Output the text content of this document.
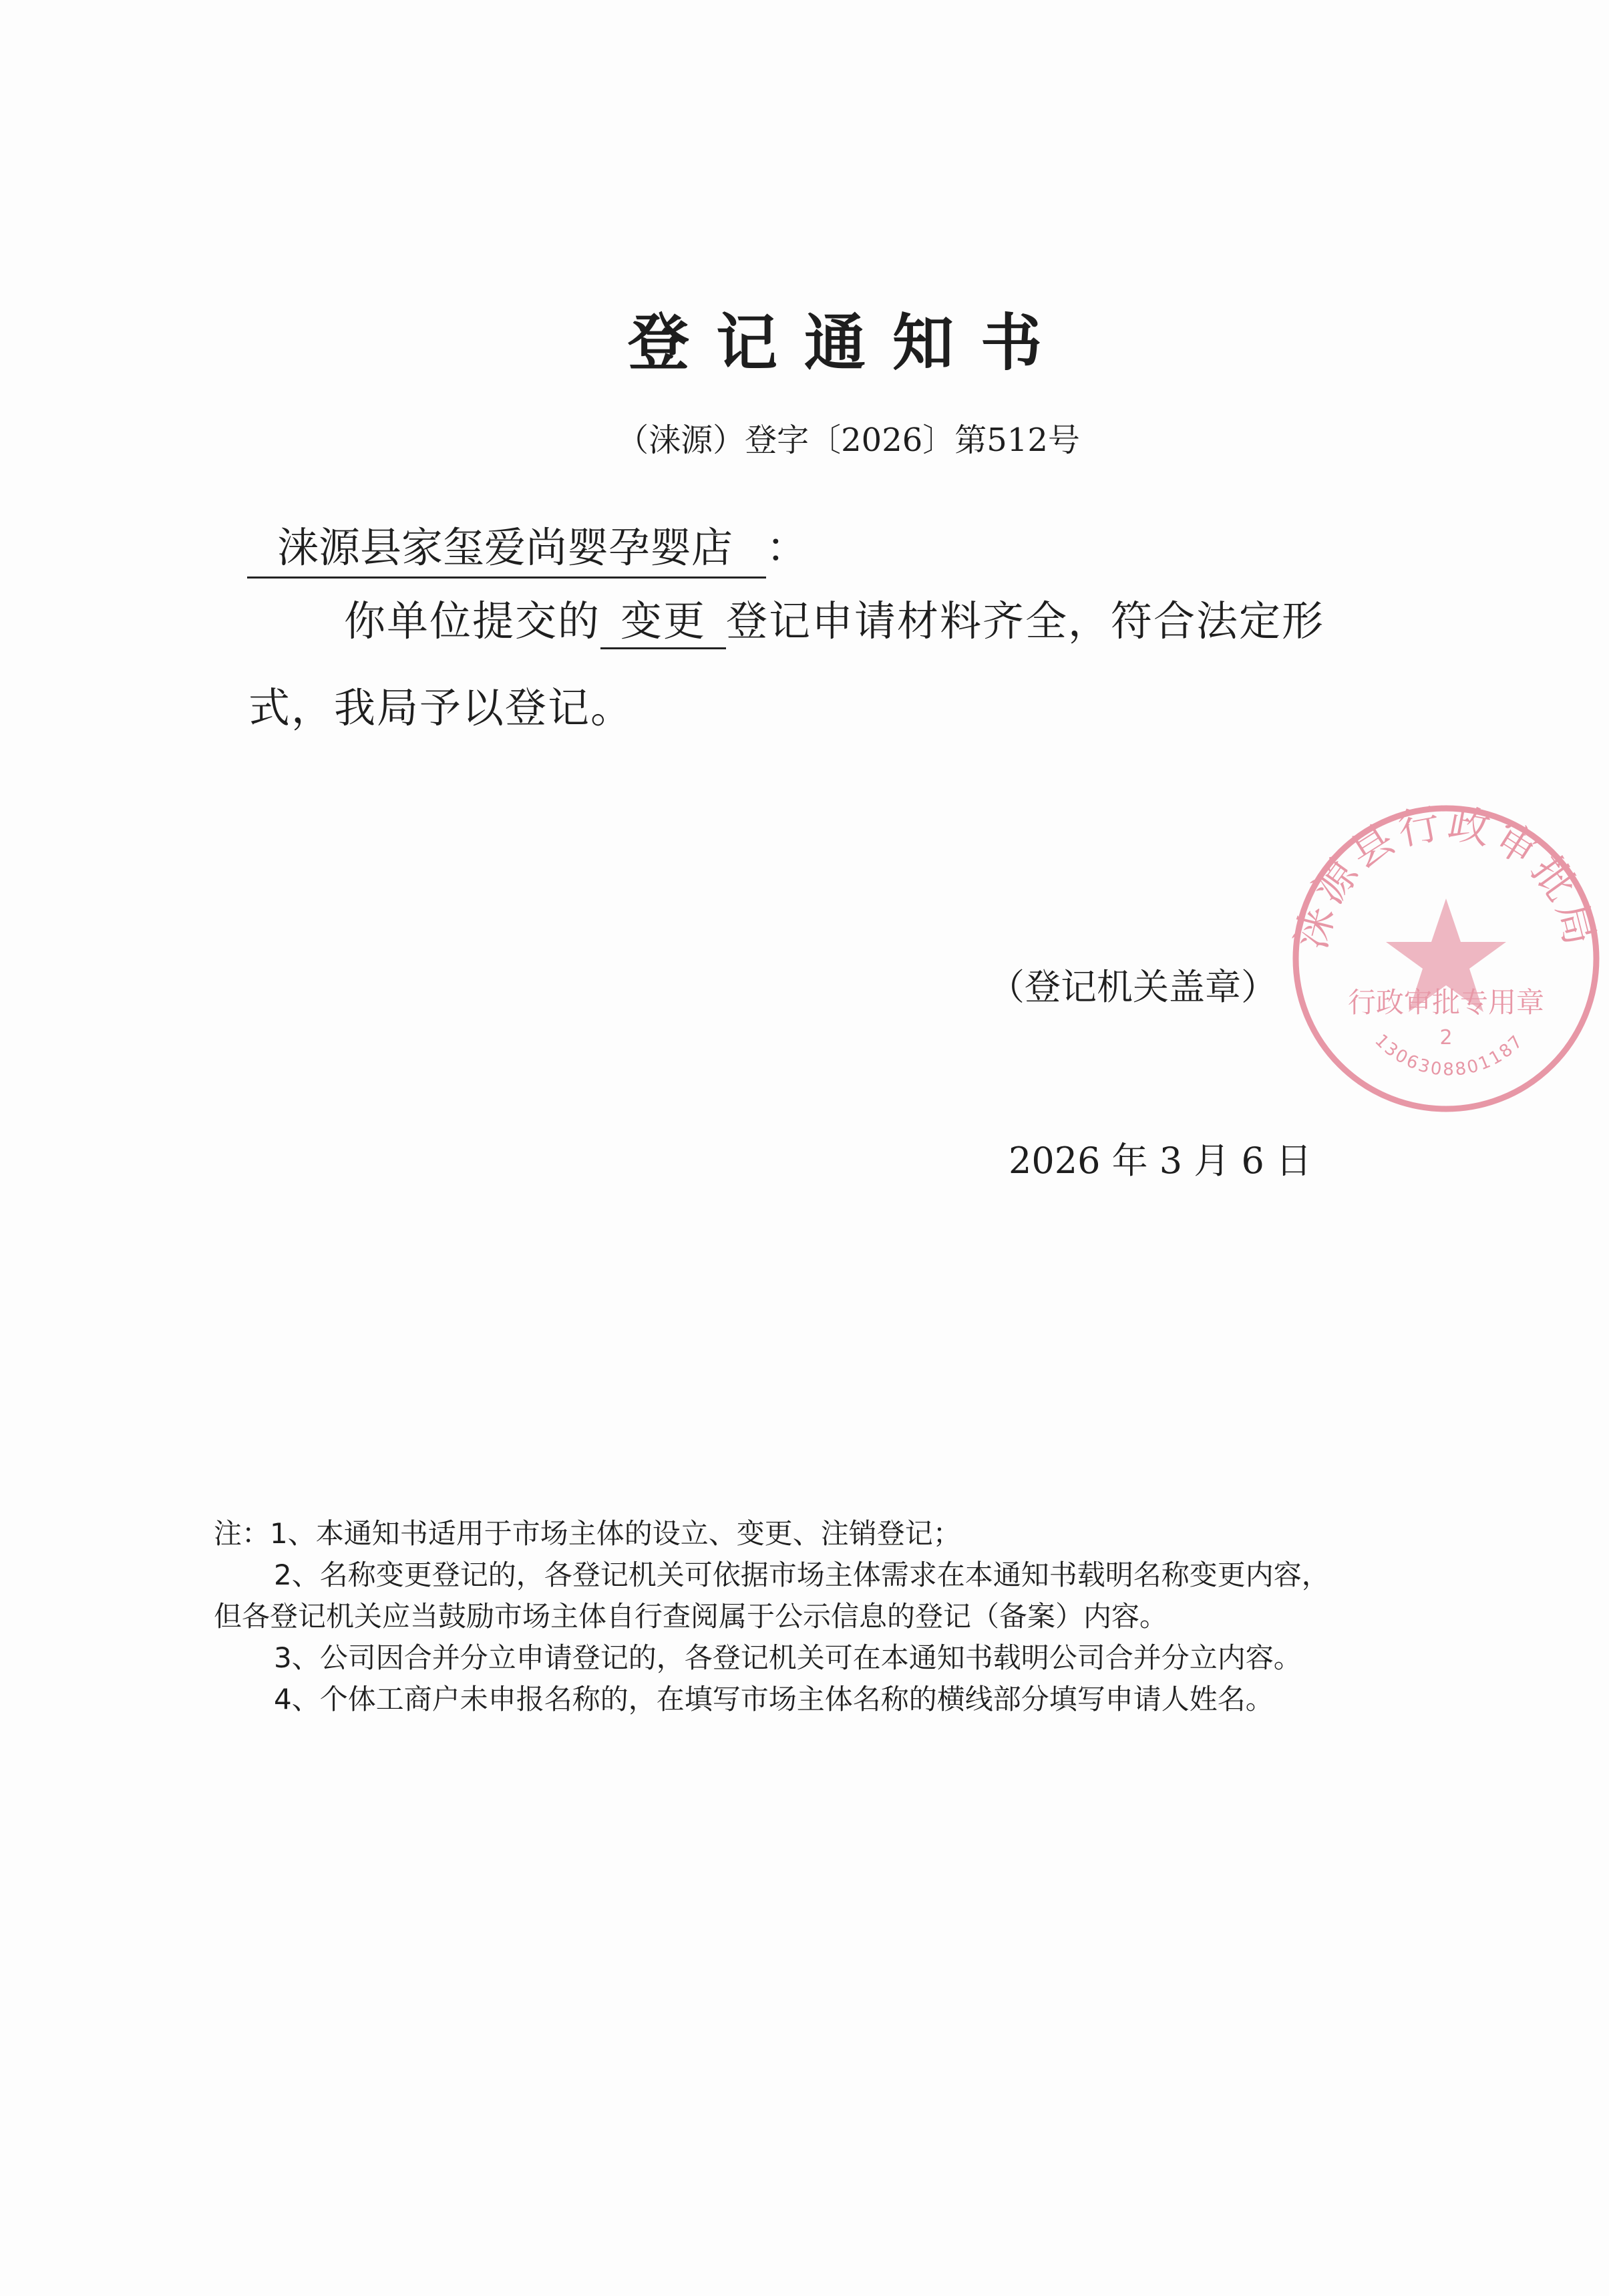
登记通知书
（涞源）登字〔2026〕第512号
涞源县家玺爱尚婴孕婴店 ：
你单位提交的 变更 登记申请材料齐全，符合法定形
式，我局予以登记。
涞源县行政审批局
行政审批专用章
2
1306308801187
（登记机关盖章）
2026 年 3 月 6 日
注：1、本通知书适用于市场主体的设立、变更、注销登记；
2、名称变更登记的，各登记机关可依据市场主体需求在本通知书载明名称变更内容，
但各登记机关应当鼓励市场主体自行查阅属于公示信息的登记（备案）内容。
3、公司因合并分立申请登记的，各登记机关可在本通知书载明公司合并分立内容。
4、个体工商户未申报名称的，在填写市场主体名称的横线部分填写申请人姓名。
